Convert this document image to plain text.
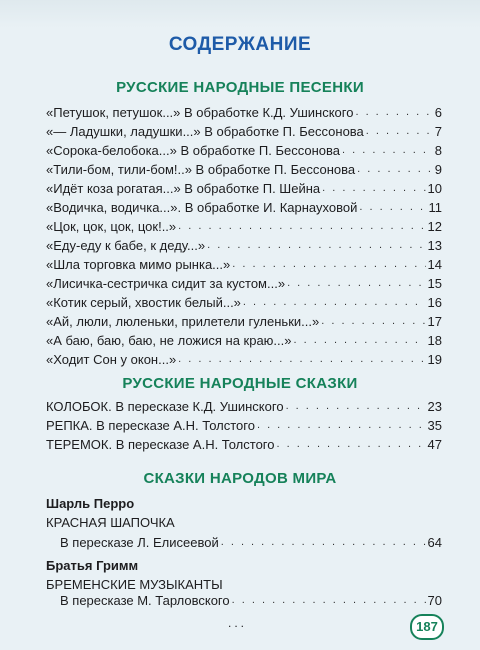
СОДЕРЖАНИЕ
РУССКИЕ НАРОДНЫЕ ПЕСЕНКИ
«Петушок, петушок...» В обработке К.Д. Ушинского . . .	6
«— Ладушки, ладушки...» В обработке П. Бессонова . . .	7
«Сорока-белобока...» В обработке П. Бессонова . . .	8
«Тили-бом, тили-бом!..» В обработке П. Бессонова . . .	9
«Идёт коза рогатая...» В обработке П. Шейна . . .	10
«Водичка, водичка...». В обработке И. Карнауховой . . .	11
«Цок, цок, цок, цок!..» . . .	12
«Еду-еду к бабе, к деду...» . . .	13
«Шла торговка мимо рынка...» . . .	14
«Лисичка-сестричка сидит за кустом...» . . .	15
«Котик серый, хвостик белый...» . . .	16
«Ай, люли, люленьки, прилетели гуленьки...» . . .	17
«А баю, баю, баю, не ложися на краю...» . . .	18
«Ходит Сон у окон...» . . .	19
РУССКИЕ НАРОДНЫЕ СКАЗКИ
КОЛОБОК. В пересказе К.Д. Ушинского . . .	23
РЕПКА. В пересказе А.Н. Толстого . . .	35
ТЕРЕМОК. В пересказе А.Н. Толстого . . .	47
СКАЗКИ НАРОДОВ МИРА
Шарль Перро
КРАСНАЯ ШАПОЧКА
В пересказе Л. Елисеевой . . .	64
Братья Гримм
БРЕМЕНСКИЕ МУЗЫКАНТЫ
В пересказе М. Тарловского . . .	70
...	187
